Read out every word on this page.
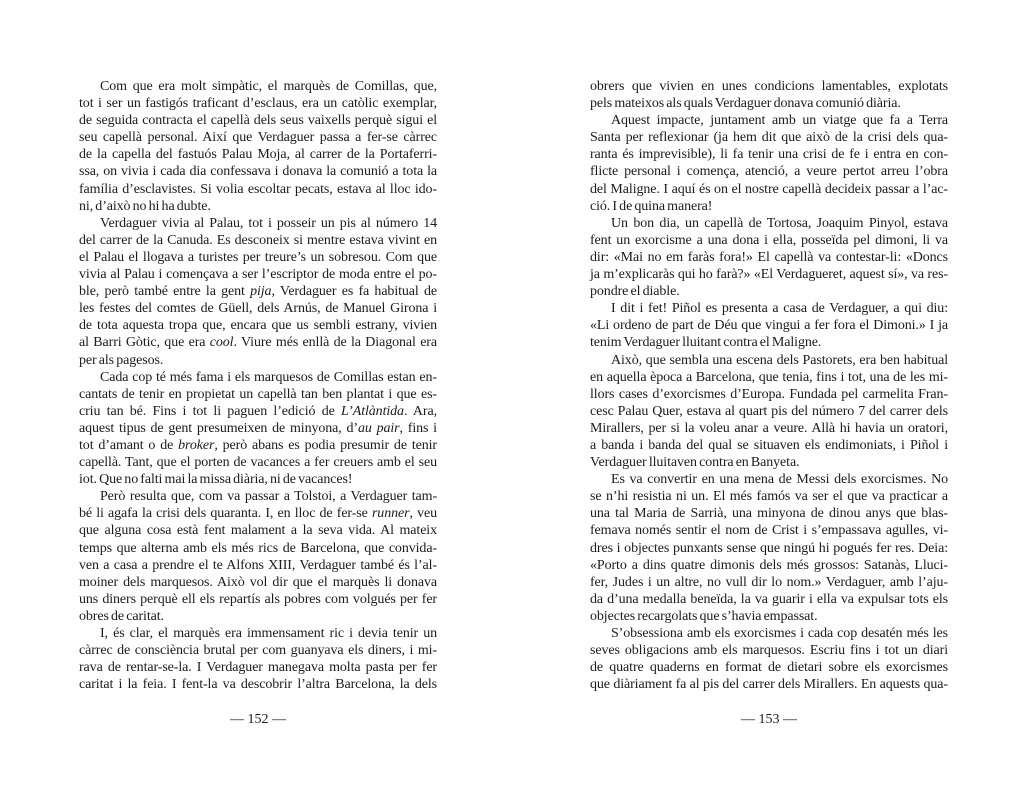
Com que era molt simpàtic, el marquès de Comillas, que,
tot i ser un fastigós traficant d’esclaus, era un catòlic exemplar,
de seguida contracta el capellà dels seus vaixells perquè sigui el
seu capellà personal. Així que Verdaguer passa a fer-se càrrec
de la capella del fastuós Palau Moja, al carrer de la Portaferri-
ssa, on vivia i cada dia confessava i donava la comunió a tota la
família d’esclavistes. Si volia escoltar pecats, estava al lloc ido-
ni, d’això no hi ha dubte.
Verdaguer vivia al Palau, tot i posseir un pis al número 14
del carrer de la Canuda. Es desconeix si mentre estava vivint en
el Palau el llogava a turistes per treure’s un sobresou. Com que
vivia al Palau i començava a ser l’escriptor de moda entre el po-
ble, però també entre la gent pija, Verdaguer es fa habitual de
les festes del comtes de Güell, dels Arnús, de Manuel Girona i
de tota aquesta tropa que, encara que us sembli estrany, vivien
al Barri Gòtic, que era cool. Viure més enllà de la Diagonal era
per als pagesos.
Cada cop té més fama i els marquesos de Comillas estan en-
cantats de tenir en propietat un capellà tan ben plantat i que es-
criu tan bé. Fins i tot li paguen l’edició de L’Atlàntida. Ara,
aquest tipus de gent presumeixen de minyona, d’au pair, fins i
tot d’amant o de broker, però abans es podia presumir de tenir
capellà. Tant, que el porten de vacances a fer creuers amb el seu
iot. Que no falti mai la missa diària, ni de vacances!
Però resulta que, com va passar a Tolstoi, a Verdaguer tam-
bé li agafa la crisi dels quaranta. I, en lloc de fer-se runner, veu
que alguna cosa està fent malament a la seva vida. Al mateix
temps que alterna amb els més rics de Barcelona, que convida-
ven a casa a prendre el te Alfons XIII, Verdaguer també és l’al-
moiner dels marquesos. Això vol dir que el marquès li donava
uns diners perquè ell els repartís als pobres com volgués per fer
obres de caritat.
I, és clar, el marquès era immensament ric i devia tenir un
càrrec de consciència brutal per com guanyava els diners, i mi-
rava de rentar-se-la. I Verdaguer manegava molta pasta per fer
caritat i la feia. I fent-la va descobrir l’altra Barcelona, la dels
— 152 —
obrers que vivien en unes condicions lamentables, explotats
pels mateixos als quals Verdaguer donava comunió diària.
Aquest impacte, juntament amb un viatge que fa a Terra
Santa per reflexionar (ja hem dit que això de la crisi dels qua-
ranta és imprevisible), li fa tenir una crisi de fe i entra en con-
flicte personal i comença, atenció, a veure pertot arreu l’obra
del Maligne. I aquí és on el nostre capellà decideix passar a l’ac-
ció. I de quina manera!
Un bon dia, un capellà de Tortosa, Joaquim Pinyol, estava
fent un exorcisme a una dona i ella, posseïda pel dimoni, li va
dir: «Mai no em faràs fora!» El capellà va contestar-li: «Doncs
ja m’explicaràs qui ho farà?» «El Verdagueret, aquest sí», va res-
pondre el diable.
I dit i fet! Piñol es presenta a casa de Verdaguer, a qui diu:
«Li ordeno de part de Déu que vingui a fer fora el Dimoni.» I ja
tenim Verdaguer lluitant contra el Maligne.
Això, que sembla una escena dels Pastorets, era ben habitual
en aquella època a Barcelona, que tenia, fins i tot, una de les mi-
llors cases d’exorcismes d’Europa. Fundada pel carmelita Fran-
cesc Palau Quer, estava al quart pis del número 7 del carrer dels
Mirallers, per si la voleu anar a veure. Allà hi havia un oratori,
a banda i banda del qual se situaven els endimoniats, i Piñol i
Verdaguer lluitaven contra en Banyeta.
Es va convertir en una mena de Messi dels exorcismes. No
se n’hi resistia ni un. El més famós va ser el que va practicar a
una tal Maria de Sarrià, una minyona de dinou anys que blas-
femava només sentir el nom de Crist i s’empassava agulles, vi-
dres i objectes punxants sense que ningú hi pogués fer res. Deia:
«Porto a dins quatre dimonis dels més grossos: Satanàs, Lluci-
fer, Judes i un altre, no vull dir lo nom.» Verdaguer, amb l’aju-
da d’una medalla beneïda, la va guarir i ella va expulsar tots els
objectes recargolats que s’havia empassat.
S’obsessiona amb els exorcismes i cada cop desatén més les
seves obligacions amb els marquesos. Escriu fins i tot un diari
de quatre quaderns en format de dietari sobre els exorcismes
que diàriament fa al pis del carrer dels Mirallers. En aquests qua-
— 153 —
